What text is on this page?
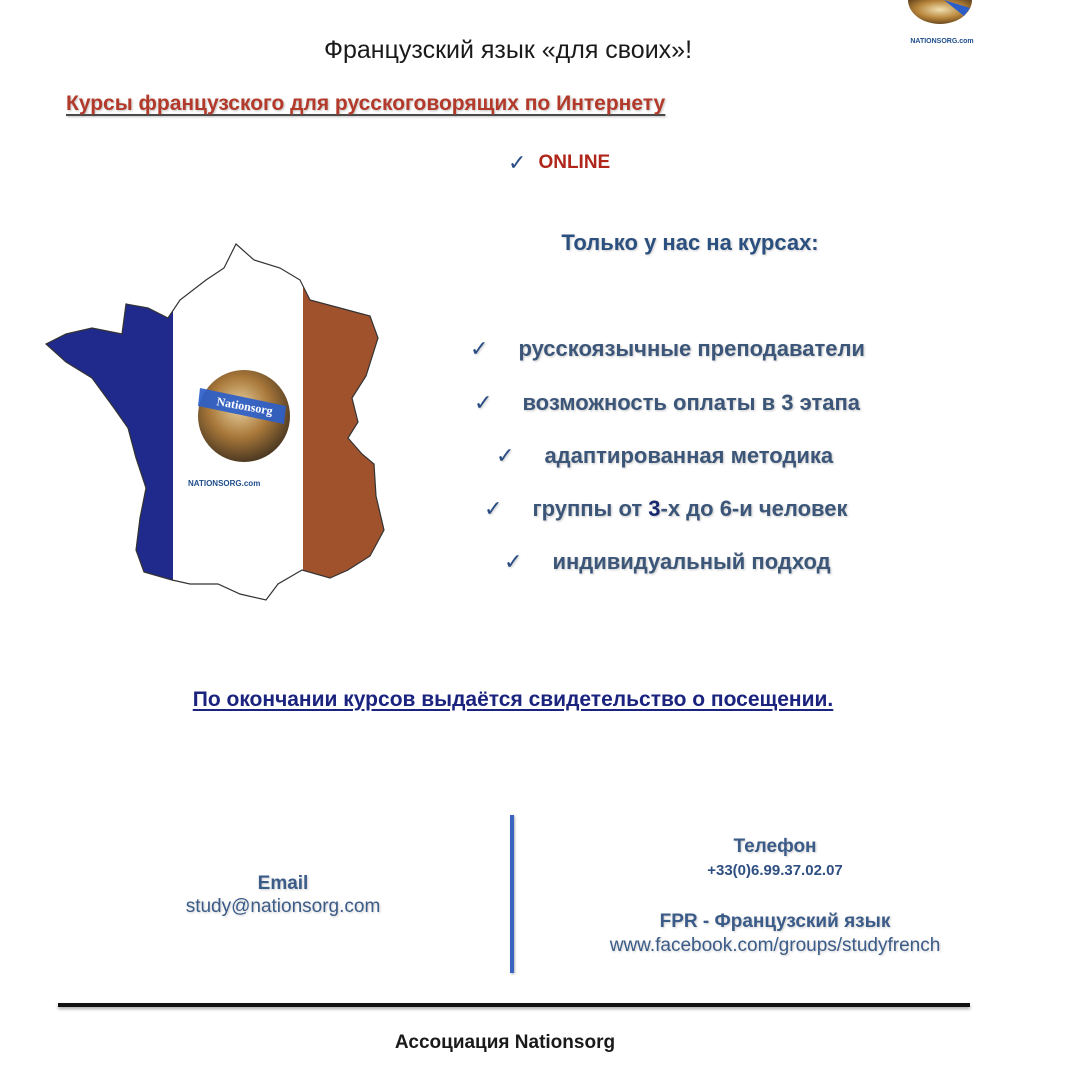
NATIONSORG.com
Французский язык «для своих»!
Курсы французского для русскоговорящих по Интернету
✓ ONLINE
Nationsorg
NATIONSORG.com
Только у нас на курсах:
✓ русскоязычные преподаватели
✓ возможность оплаты в 3 этапа
✓ адаптированная методика
✓ группы от 3-х до 6-и человек
✓ индивидуальный подход
По окончании курсов выдаётся свидетельство о посещении.
Email
study@nationsorg.com
Телефон
+33(0)6.99.37.02.07
FPR - Французский язык
www.facebook.com/groups/studyfrench
Ассоциация Nationsorg
